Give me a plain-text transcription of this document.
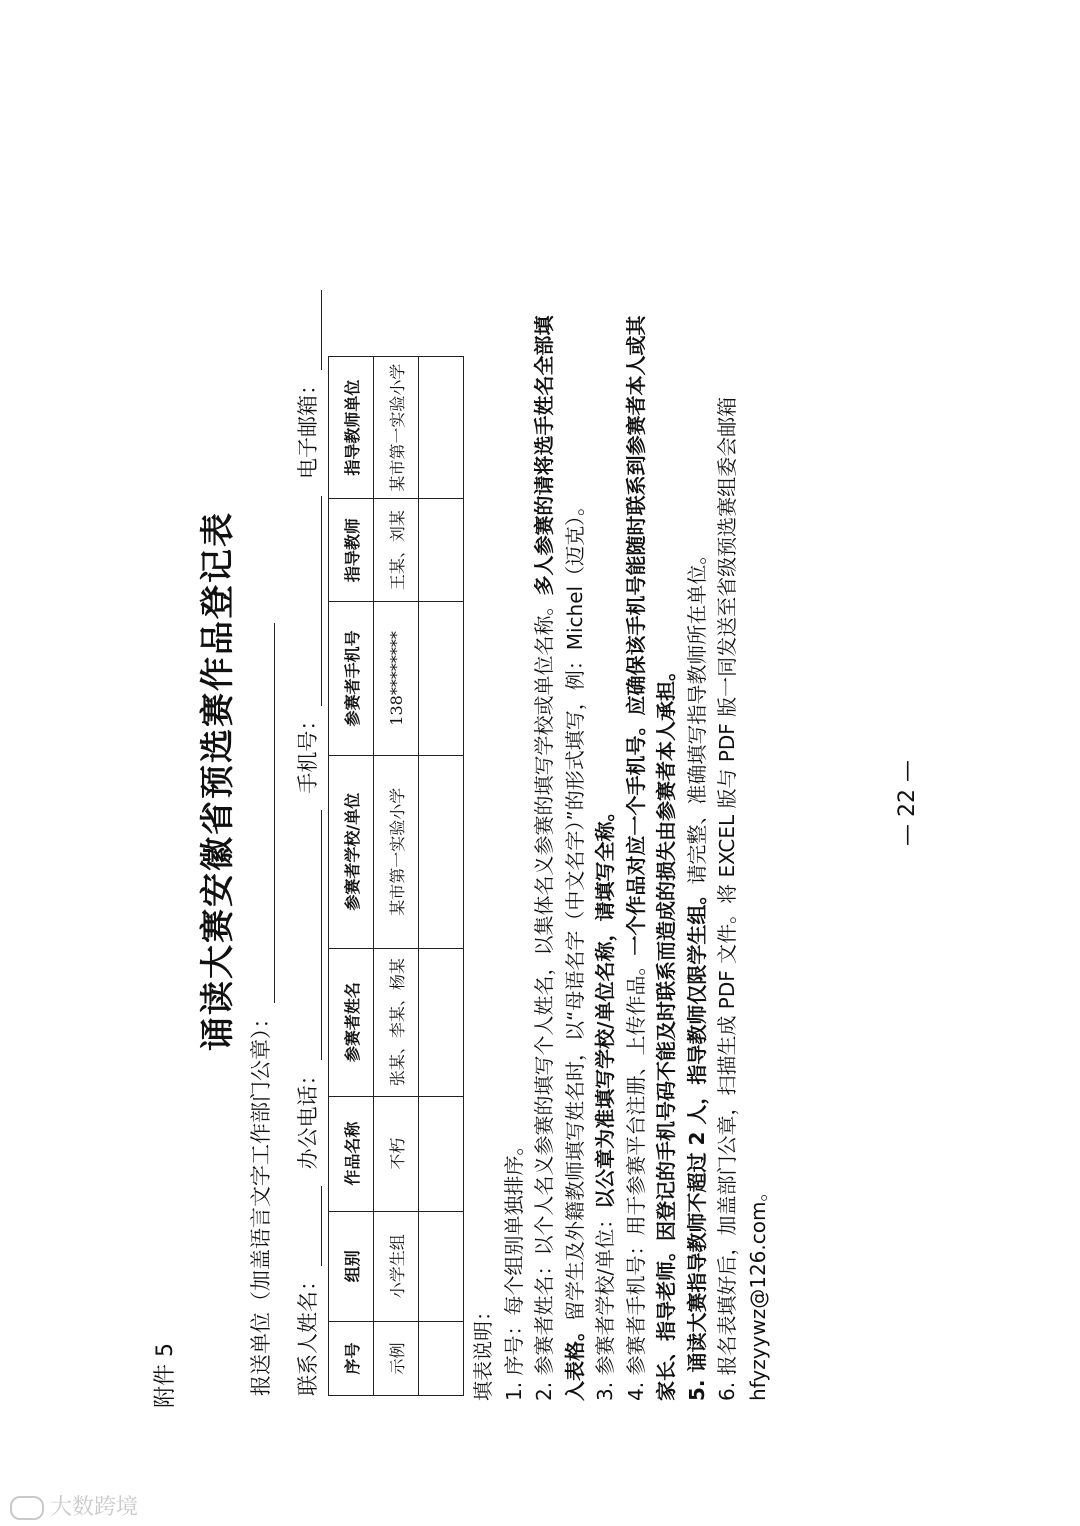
附件 5
诵读大赛安徽省预选赛作品登记表
报送单位（加盖语言文字工作部门公章）： 联系人姓名： 办公电话： 手机号： 电子邮箱：
序号	组别	作品名称	参赛者姓名	参赛者学校/单位	参赛者手机号	指导教师	指导教师单位
示例	小学生组	不朽	张某、李某、杨某	某市第一实验小学	138********	王某、刘某	某市第一实验小学

填表说明： 1. 序号：每个组别单独排序。 2. 参赛者姓名：以个人名义参赛的填写个人姓名，以集体名义参赛的填写学校或单位名称。多人参赛的请将选手姓名全部填入表格。留学生及外籍教师填写姓名时，以“母语名字（中文名字）”的形式填写，例：Michel（迈克）。 3. 参赛者学校/单位：以公章为准填写学校/单位名称，请填写全称。 4. 参赛者手机号：用于参赛平台注册、上传作品。一个作品对应一个手机号。应确保该手机号能随时联系到参赛者本人或其家长、指导老师。因登记的手机号码不能及时联系而造成的损失由参赛者本人承担。 5. 诵读大赛指导教师不超过 2 人，指导教师仅限学生组。请完整、准确填写指导教师所在单位。 6. 报名表填好后，加盖部门公章，扫描生成 PDF 文件。将 EXCEL 版与 PDF 版一同发送至省级预选赛组委会邮箱 hfyzyywz@126.com。

— 22 —
大数跨境
